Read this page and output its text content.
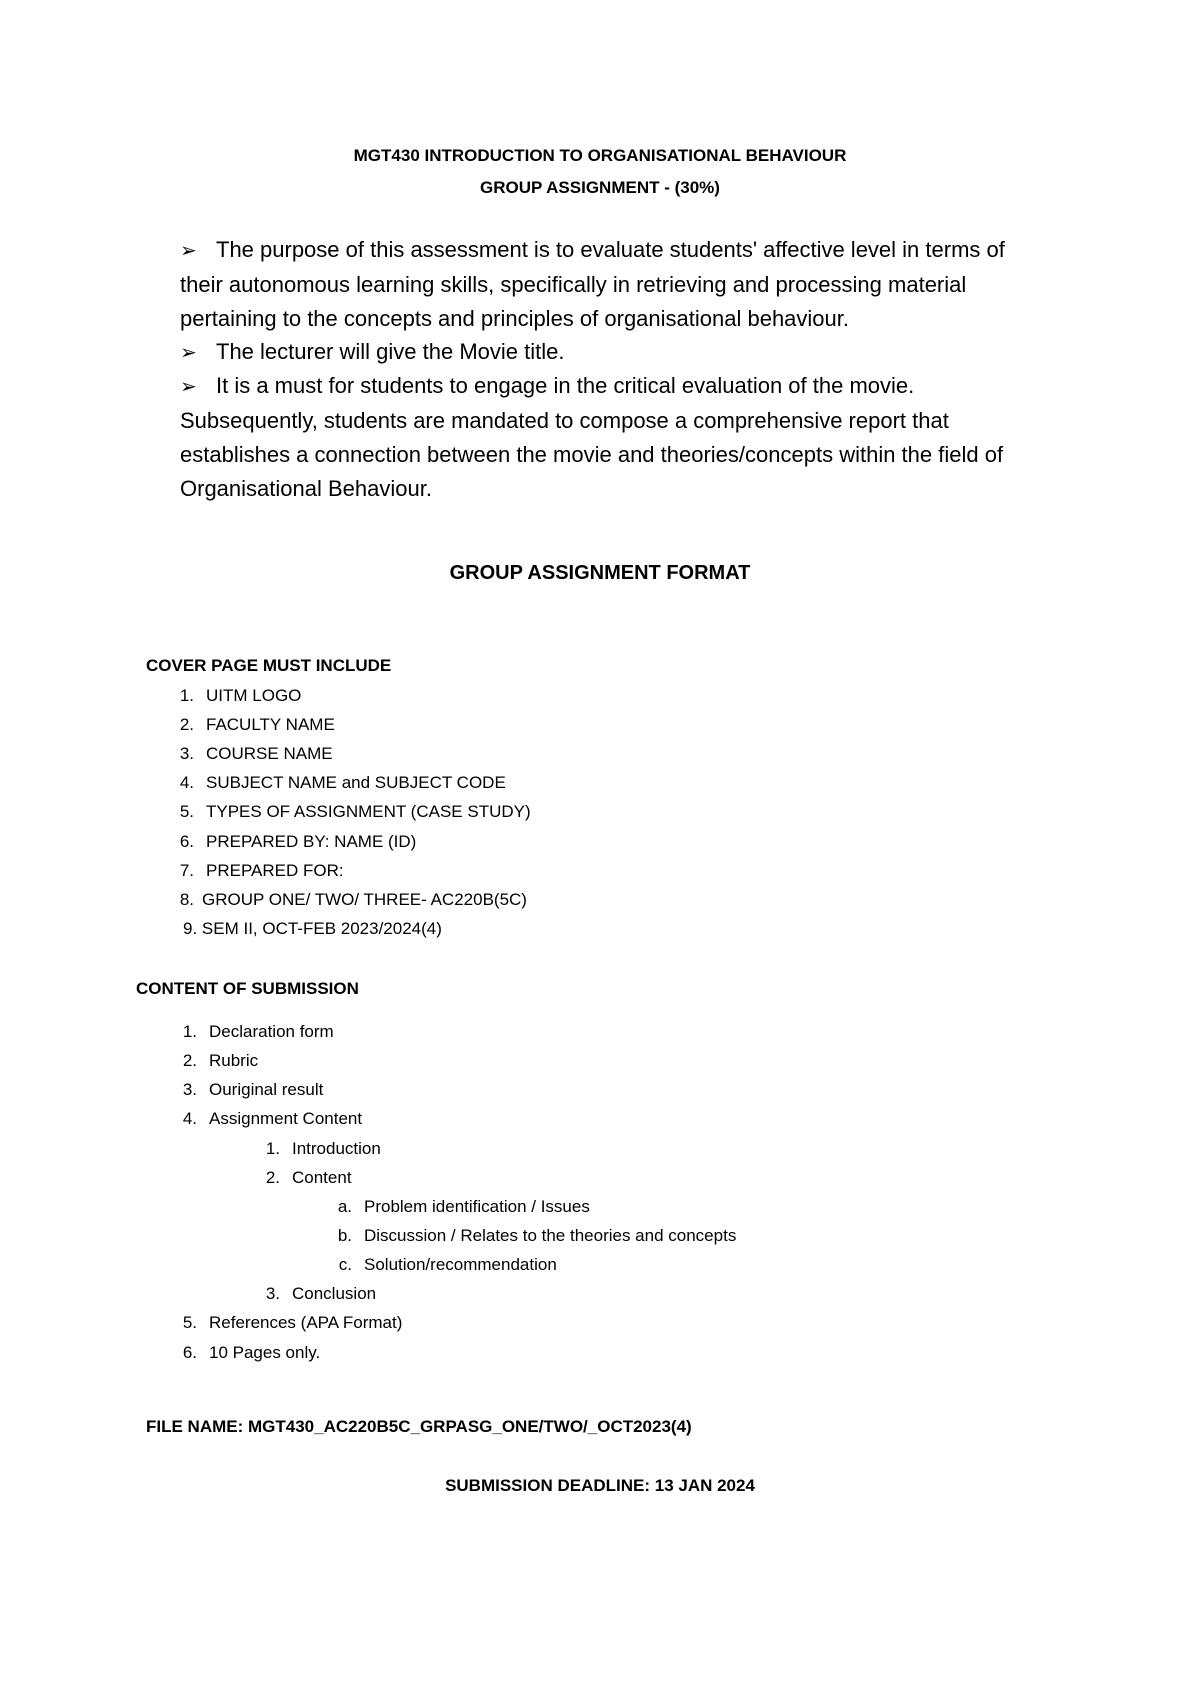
MGT430 INTRODUCTION TO ORGANISATIONAL BEHAVIOUR
GROUP ASSIGNMENT - (30%)
➢ The purpose of this assessment is to evaluate students' affective level in terms of
their autonomous learning skills, specifically in retrieving and processing material
pertaining to the concepts and principles of organisational behaviour.
➢ The lecturer will give the Movie title.
➢ It is a must for students to engage in the critical evaluation of the movie.
Subsequently, students are mandated to compose a comprehensive report that
establishes a connection between the movie and theories/concepts within the field of
Organisational Behaviour.
GROUP ASSIGNMENT FORMAT
COVER PAGE MUST INCLUDE
1. UITM LOGO
2. FACULTY NAME
3. COURSE NAME
4. SUBJECT NAME and SUBJECT CODE
5. TYPES OF ASSIGNMENT (CASE STUDY)
6. PREPARED BY: NAME (ID)
7. PREPARED FOR:
8. GROUP ONE/ TWO/ THREE- AC220B(5C)
9. SEM II, OCT-FEB 2023/2024(4)
CONTENT OF SUBMISSION
1. Declaration form
2. Rubric
3. Ouriginal result
4. Assignment Content
1. Introduction
2. Content
a. Problem identification / Issues
b. Discussion / Relates to the theories and concepts
c. Solution/recommendation
3. Conclusion
5. References (APA Format)
6. 10 Pages only.
FILE NAME: MGT430_AC220B5C_GRPASG_ONE/TWO/_OCT2023(4)
SUBMISSION DEADLINE: 13 JAN 2024
